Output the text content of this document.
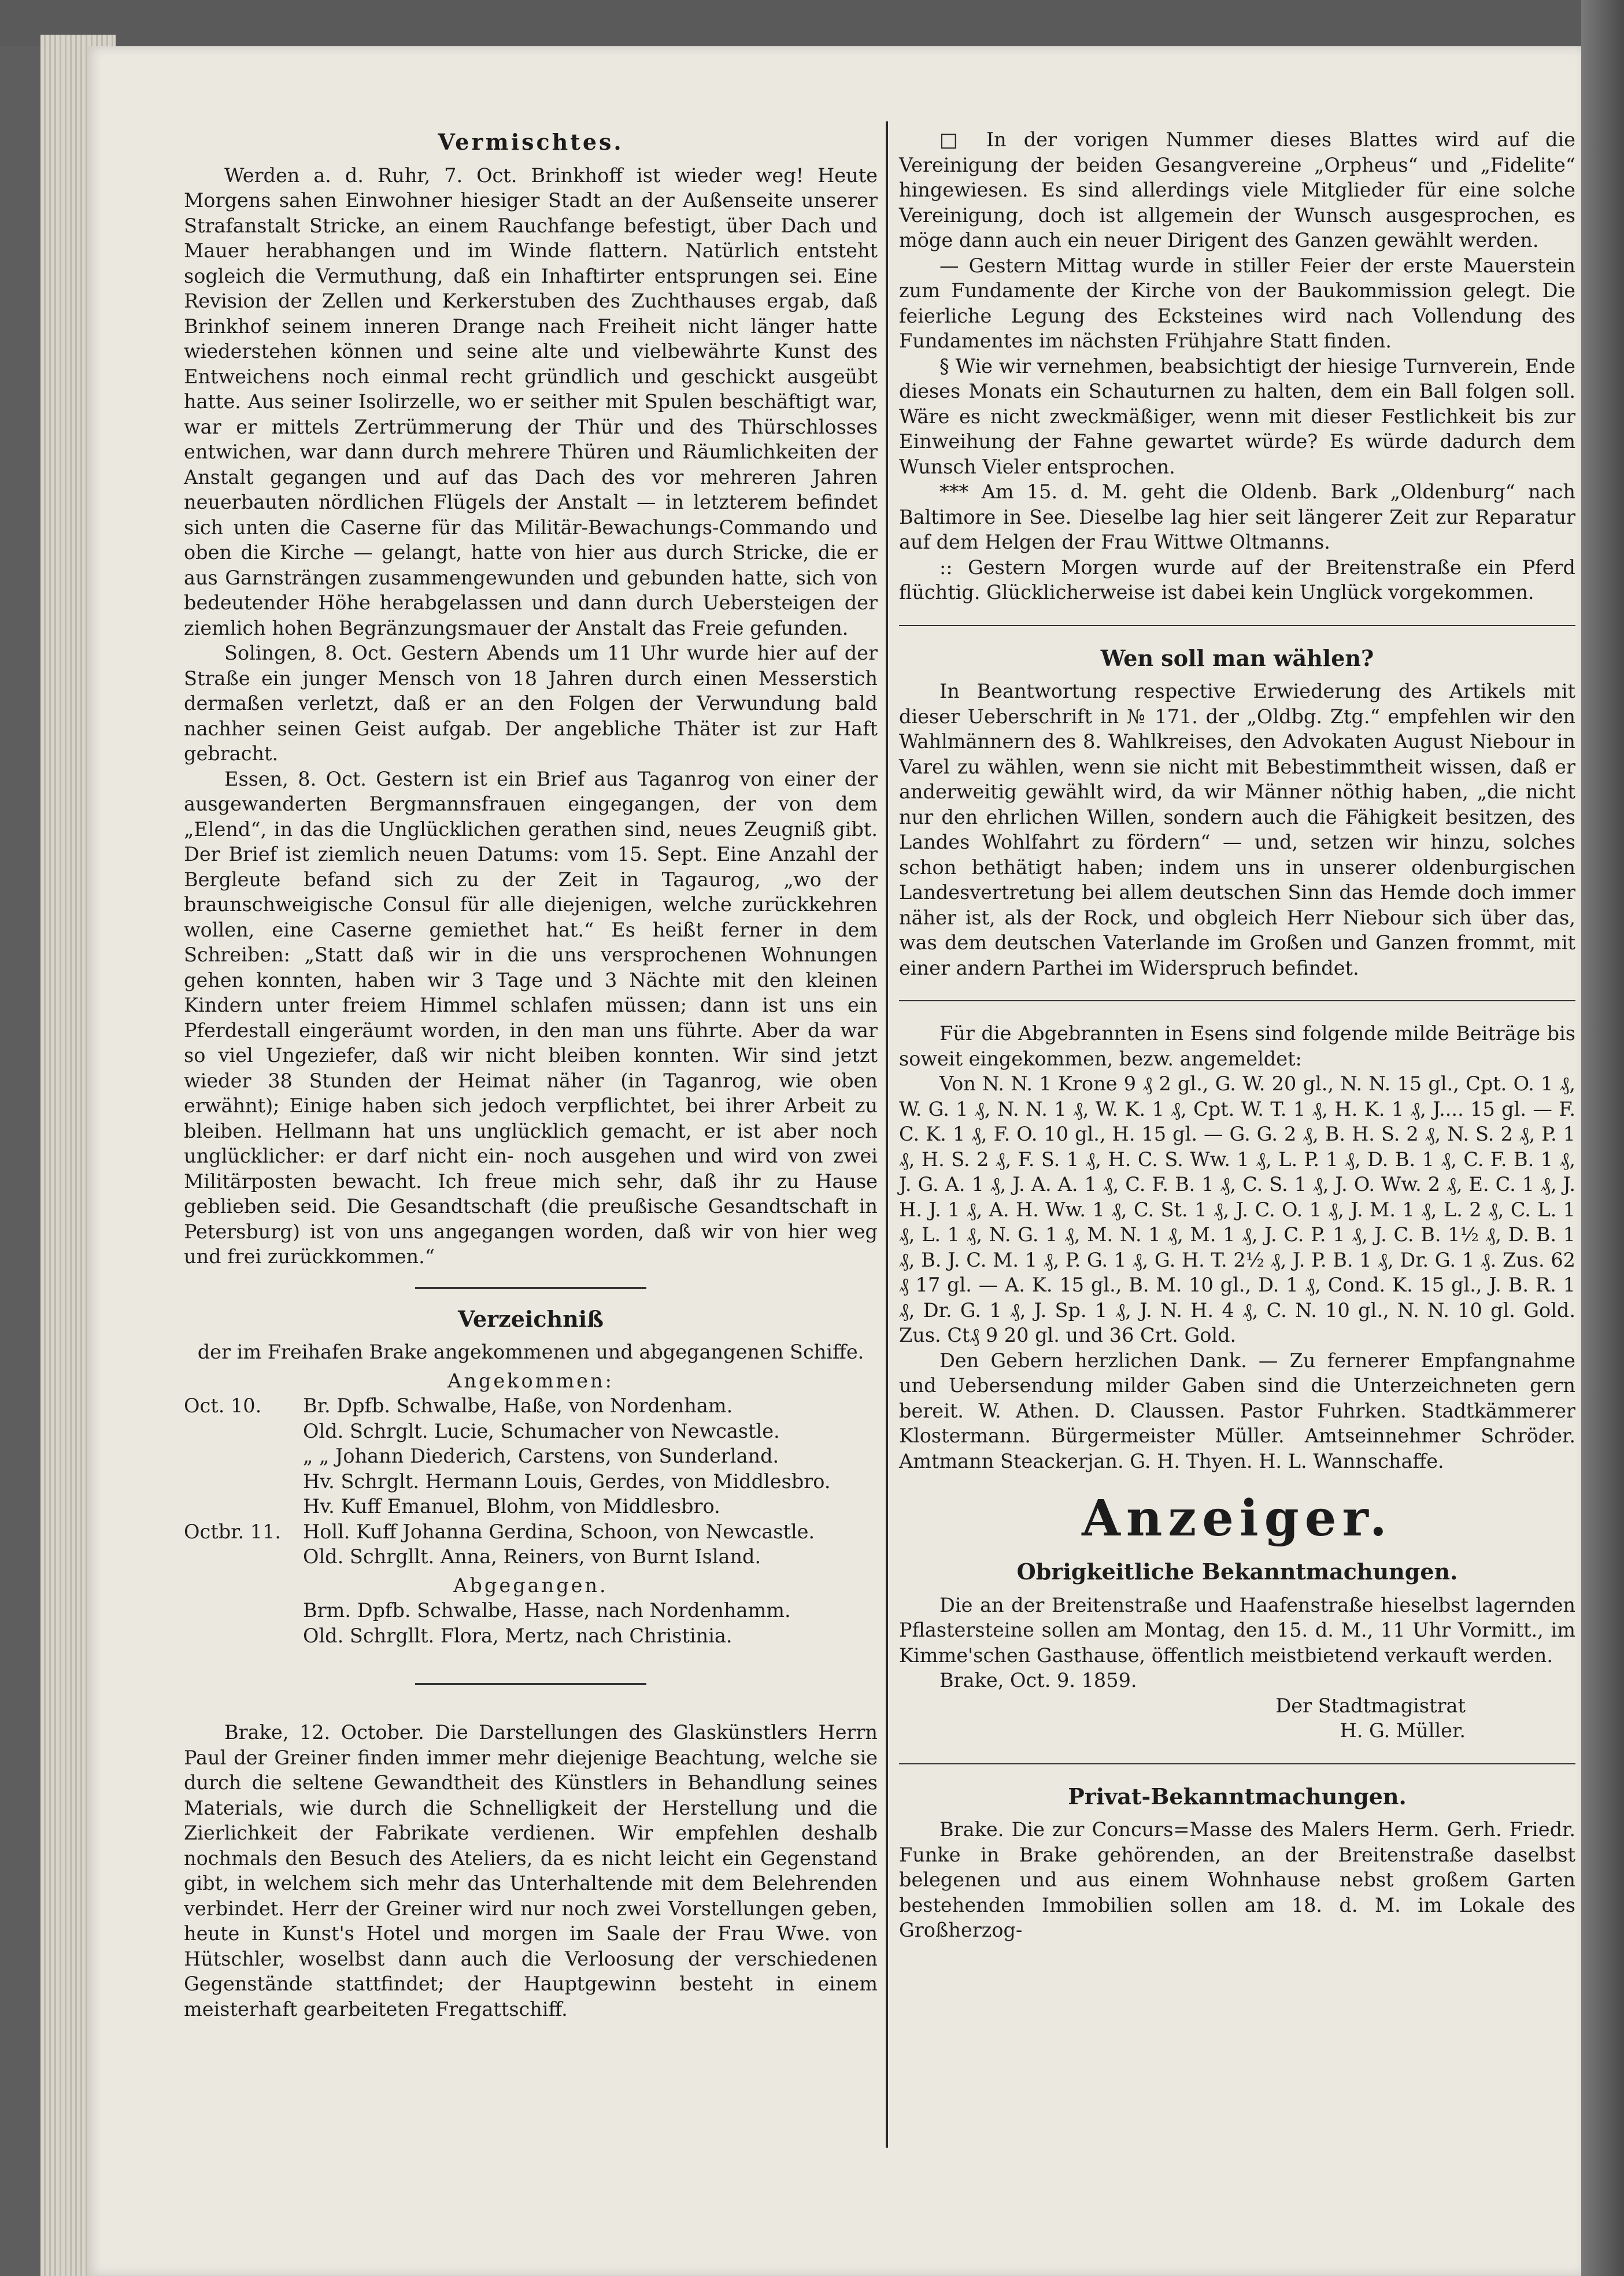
Vermischtes.

Werden a. d. Ruhr, 7. Oct. Brinkhoff ist wieder weg! Heute Morgens sahen Einwohner hiesiger Stadt an der Außenseite unserer Strafanstalt Stricke, an einem Rauchfange befestigt, über Dach und Mauer herabhangen und im Winde flattern. Natürlich entsteht sogleich die Vermuthung, daß ein Inhaftirter entsprungen sei. Eine Revision der Zellen und Kerkerstuben des Zuchthauses ergab, daß Brinkhof seinem inneren Drange nach Freiheit nicht länger hatte wiederstehen können und seine alte und vielbewährte Kunst des Entweichens noch einmal recht gründlich und geschickt ausgeübt hatte. Aus seiner Isolirzelle, wo er seither mit Spulen beschäftigt war, war er mittels Zertrümmerung der Thür und des Thürschlosses entwichen, war dann durch mehrere Thüren und Räumlichkeiten der Anstalt gegangen und auf das Dach des vor mehreren Jahren neuerbauten nördlichen Flügels der Anstalt — in letzterem befindet sich unten die Caserne für das Militär-Bewachungs-Commando und oben die Kirche — gelangt, hatte von hier aus durch Stricke, die er aus Garnsträngen zusammengewunden und gebunden hatte, sich von bedeutender Höhe herabgelassen und dann durch Uebersteigen der ziemlich hohen Begränzungsmauer der Anstalt das Freie gefunden.

Solingen, 8. Oct. Gestern Abends um 11 Uhr wurde hier auf der Straße ein junger Mensch von 18 Jahren durch einen Messerstich dermaßen verletzt, daß er an den Folgen der Verwundung bald nachher seinen Geist aufgab. Der angebliche Thäter ist zur Haft gebracht.

Essen, 8. Oct. Gestern ist ein Brief aus Taganrog von einer der ausgewanderten Bergmannsfrauen eingegangen, der von dem „Elend“, in das die Unglücklichen gerathen sind, neues Zeugniß gibt. Der Brief ist ziemlich neuen Datums: vom 15. Sept. Eine Anzahl der Bergleute befand sich zu der Zeit in Tagaurog, „wo der braunschweigische Consul für alle diejenigen, welche zurückkehren wollen, eine Caserne gemiethet hat.“ Es heißt ferner in dem Schreiben: „Statt daß wir in die uns versprochenen Wohnungen gehen konnten, haben wir 3 Tage und 3 Nächte mit den kleinen Kindern unter freiem Himmel schlafen müssen; dann ist uns ein Pferdestall eingeräumt worden, in den man uns führte. Aber da war so viel Ungeziefer, daß wir nicht bleiben konnten. Wir sind jetzt wieder 38 Stunden der Heimat näher (in Taganrog, wie oben erwähnt); Einige haben sich jedoch verpflichtet, bei ihrer Arbeit zu bleiben. Hellmann hat uns unglücklich gemacht, er ist aber noch unglücklicher: er darf nicht ein- noch ausgehen und wird von zwei Militärposten bewacht. Ich freue mich sehr, daß ihr zu Hause geblieben seid. Die Gesandtschaft (die preußische Gesandtschaft in Petersburg) ist von uns angegangen worden, daß wir von hier weg und frei zurückkommen.“

Verzeichniß

der im Freihafen Brake angekommenen und abgegangenen Schiffe.

Angekommen:

Oct. 10.	Br. Dpfb. Schwalbe, Haße, von Nordenham.
Old. Schrglt. Lucie, Schumacher von Newcastle.
„ „ Johann Diederich, Carstens, von Sunderland.
Hv. Schrglt. Hermann Louis, Gerdes, von Middlesbro.
Hv. Kuff Emanuel, Blohm, von Middlesbro.
Octbr. 11.	Holl. Kuff Johanna Gerdina, Schoon, von Newcastle.
Old. Schrgllt. Anna, Reiners, von Burnt Island.

Abgegangen.

Brm. Dpfb. Schwalbe, Hasse, nach Nordenhamm.
Old. Schrgllt. Flora, Mertz, nach Christinia.

Brake, 12. October. Die Darstellungen des Glaskünstlers Herrn Paul der Greiner finden immer mehr diejenige Beachtung, welche sie durch die seltene Gewandtheit des Künstlers in Behandlung seines Materials, wie durch die Schnelligkeit der Herstellung und die Zierlichkeit der Fabrikate verdienen. Wir empfehlen deshalb nochmals den Besuch des Ateliers, da es nicht leicht ein Gegenstand gibt, in welchem sich mehr das Unterhaltende mit dem Belehrenden verbindet. Herr der Greiner wird nur noch zwei Vorstellungen geben, heute in Kunst's Hotel und morgen im Saale der Frau Wwe. von Hütschler, woselbst dann auch die Verloosung der verschiedenen Gegenstände stattfindet; der Hauptgewinn besteht in einem meisterhaft gearbeiteten Fregattschiff.

□ In der vorigen Nummer dieses Blattes wird auf die Vereinigung der beiden Gesangvereine „Orpheus“ und „Fidelite“ hingewiesen. Es sind allerdings viele Mitglieder für eine solche Vereinigung, doch ist allgemein der Wunsch ausgesprochen, es möge dann auch ein neuer Dirigent des Ganzen gewählt werden.

— Gestern Mittag wurde in stiller Feier der erste Mauerstein zum Fundamente der Kirche von der Baukommission gelegt. Die feierliche Legung des Ecksteines wird nach Vollendung des Fundamentes im nächsten Frühjahre Statt finden.

§ Wie wir vernehmen, beabsichtigt der hiesige Turnverein, Ende dieses Monats ein Schauturnen zu halten, dem ein Ball folgen soll. Wäre es nicht zweckmäßiger, wenn mit dieser Festlichkeit bis zur Einweihung der Fahne gewartet würde? Es würde dadurch dem Wunsch Vieler entsprochen.

*** Am 15. d. M. geht die Oldenb. Bark „Oldenburg“ nach Baltimore in See. Dieselbe lag hier seit längerer Zeit zur Reparatur auf dem Helgen der Frau Wittwe Oltmanns.

:: Gestern Morgen wurde auf der Breitenstraße ein Pferd flüchtig. Glücklicherweise ist dabei kein Unglück vorgekommen.

Wen soll man wählen?

In Beantwortung respective Erwiederung des Artikels mit dieser Ueberschrift in № 171. der „Oldbg. Ztg.“ empfehlen wir den Wahlmännern des 8. Wahlkreises, den Advokaten August Niebour in Varel zu wählen, wenn sie nicht mit Bebestimmtheit wissen, daß er anderweitig gewählt wird, da wir Männer nöthig haben, „die nicht nur den ehrlichen Willen, sondern auch die Fähigkeit besitzen, des Landes Wohlfahrt zu fördern“ — und, setzen wir hinzu, solches schon bethätigt haben; indem uns in unserer oldenburgischen Landesvertretung bei allem deutschen Sinn das Hemde doch immer näher ist, als der Rock, und obgleich Herr Niebour sich über das, was dem deutschen Vaterlande im Großen und Ganzen frommt, mit einer andern Parthei im Widerspruch befindet.

Für die Abgebrannten in Esens sind folgende milde Beiträge bis soweit eingekommen, bezw. angemeldet:

Von N. N. 1 Krone 9 ₰ 2 gl., G. W. 20 gl., N. N. 15 gl., Cpt. O. 1 ₰, W. G. 1 ₰, N. N. 1 ₰, W. K. 1 ₰, Cpt. W. T. 1 ₰, H. K. 1 ₰, J.... 15 gl. — F. C. K. 1 ₰, F. O. 10 gl., H. 15 gl. — G. G. 2 ₰, B. H. S. 2 ₰, N. S. 2 ₰, P. 1 ₰, H. S. 2 ₰, F. S. 1 ₰, H. C. S. Ww. 1 ₰, L. P. 1 ₰, D. B. 1 ₰, C. F. B. 1 ₰, J. G. A. 1 ₰, J. A. A. 1 ₰, C. F. B. 1 ₰, C. S. 1 ₰, J. O. Ww. 2 ₰, E. C. 1 ₰, J. H. J. 1 ₰, A. H. Ww. 1 ₰, C. St. 1 ₰, J. C. O. 1 ₰, J. M. 1 ₰, L. 2 ₰, C. L. 1 ₰, L. 1 ₰, N. G. 1 ₰, M. N. 1 ₰, M. 1 ₰, J. C. P. 1 ₰, J. C. B. 1½ ₰, D. B. 1 ₰, B. J. C. M. 1 ₰, P. G. 1 ₰, G. H. T. 2½ ₰, J. P. B. 1 ₰, Dr. G. 1 ₰. Zus. 62 ₰ 17 gl. — A. K. 15 gl., B. M. 10 gl., D. 1 ₰, Cond. K. 15 gl., J. B. R. 1 ₰, Dr. G. 1 ₰, J. Sp. 1 ₰, J. N. H. 4 ₰, C. N. 10 gl., N. N. 10 gl. Gold. Zus. Ct₰ 9 20 gl. und 36 Crt. Gold.

Den Gebern herzlichen Dank. — Zu fernerer Empfangnahme und Uebersendung milder Gaben sind die Unterzeichneten gern bereit. W. Athen. D. Claussen. Pastor Fuhrken. Stadtkämmerer Klostermann. Bürgermeister Müller. Amtseinnehmer Schröder. Amtmann Steackerjan. G. H. Thyen. H. L. Wannschaffe.

Anzeiger.
Obrigkeitliche Bekanntmachungen.

Die an der Breitenstraße und Haafenstraße hieselbst lagernden Pflastersteine sollen am Montag, den 15. d. M., 11 Uhr Vormitt., im Kimme'schen Gasthause, öffentlich meistbietend verkauft werden.

Brake, Oct. 9. 1859.

Der Stadtmagistrat

H. G. Müller.

Privat-Bekanntmachungen.

Brake. Die zur Concurs=Masse des Malers Herm. Gerh. Friedr. Funke in Brake gehörenden, an der Breitenstraße daselbst belegenen und aus einem Wohnhause nebst großem Garten bestehenden Immobilien sollen am 18. d. M. im Lokale des Großherzog-
